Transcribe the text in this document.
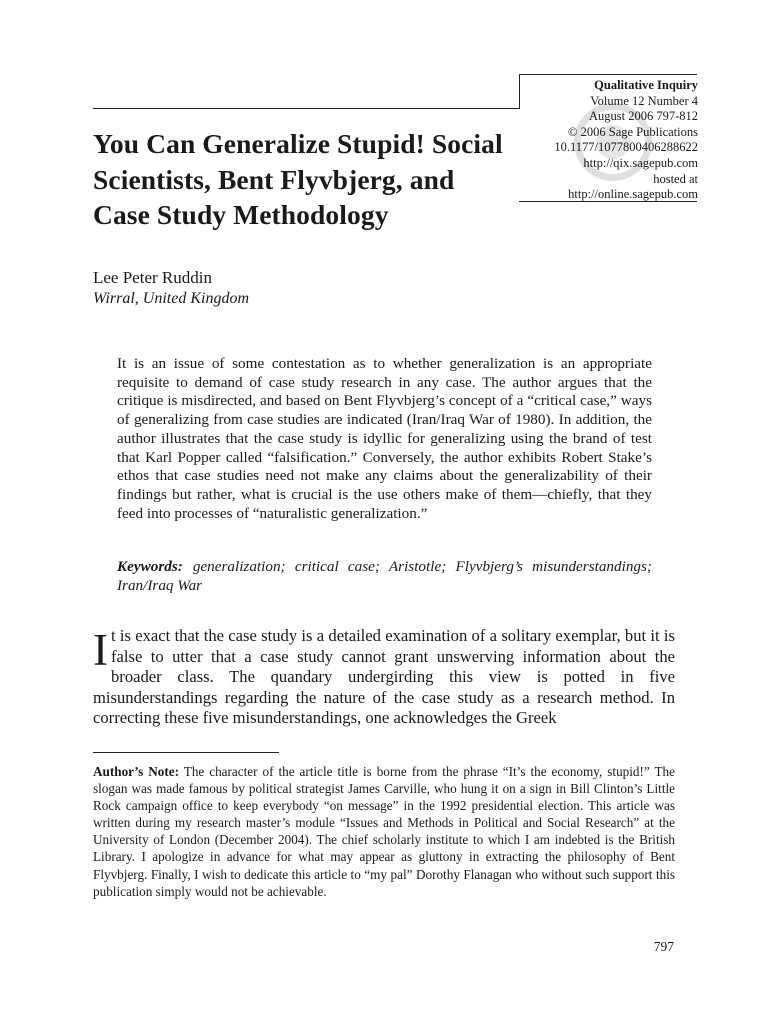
Qualitative Inquiry
Volume 12 Number 4
August 2006 797-812
© 2006 Sage Publications
10.1177/1077800406288622
http://qix.sagepub.com
hosted at
http://online.sagepub.com
You Can Generalize Stupid! Social Scientists, Bent Flyvbjerg, and Case Study Methodology
Lee Peter Ruddin
Wirral, United Kingdom
It is an issue of some contestation as to whether generalization is an appropriate requisite to demand of case study research in any case. The author argues that the critique is misdirected, and based on Bent Flyvbjerg’s concept of a “critical case,” ways of generalizing from case studies are indicated (Iran/Iraq War of 1980). In addition, the author illustrates that the case study is idyllic for generalizing using the brand of test that Karl Popper called “falsification.” Conversely, the author exhibits Robert Stake’s ethos that case studies need not make any claims about the generalizability of their findings but rather, what is crucial is the use others make of them—chiefly, that they feed into processes of “naturalistic generalization.”
Keywords: generalization; critical case; Aristotle; Flyvbjerg’s misunderstandings; Iran/Iraq War
It is exact that the case study is a detailed examination of a solitary exemplar, but it is false to utter that a case study cannot grant unswerving information about the broader class. The quandary undergirding this view is potted in five misunderstandings regarding the nature of the case study as a research method. In correcting these five misunderstandings, one acknowledges the Greek
Author’s Note: The character of the article title is borne from the phrase “It’s the economy, stupid!” The slogan was made famous by political strategist James Carville, who hung it on a sign in Bill Clinton’s Little Rock campaign office to keep everybody “on message” in the 1992 presidential election. This article was written during my research master’s module “Issues and Methods in Political and Social Research” at the University of London (December 2004). The chief scholarly institute to which I am indebted is the British Library. I apologize in advance for what may appear as gluttony in extracting the philosophy of Bent Flyvbjerg. Finally, I wish to dedicate this article to “my pal” Dorothy Flanagan who without such support this publication simply would not be achievable.
797
